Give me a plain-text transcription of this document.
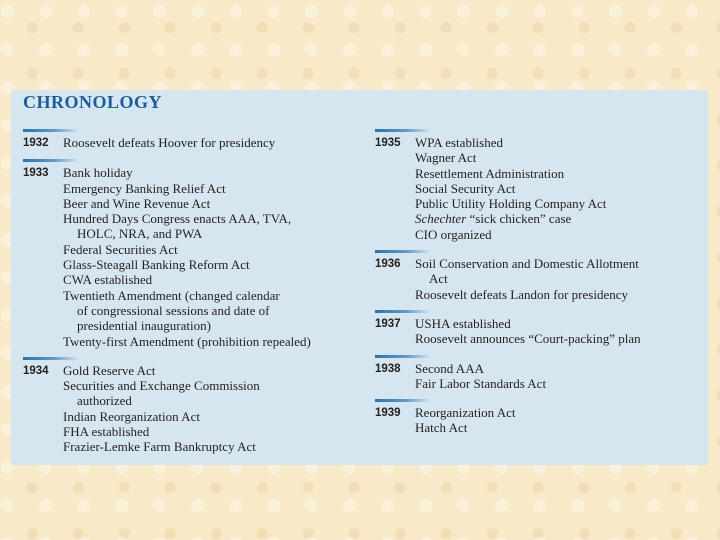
CHRONOLOGY
1932	Roosevelt defeats Hoover for presidency
1933	Bank holiday
Emergency Banking Relief Act
Beer and Wine Revenue Act
Hundred Days Congress enacts AAA, TVA,
HOLC, NRA, and PWA
Federal Securities Act
Glass-Steagall Banking Reform Act
CWA established
Twentieth Amendment (changed calendar
of congressional sessions and date of
presidential inauguration)
Twenty-first Amendment (prohibition repealed)
1934	Gold Reserve Act
Securities and Exchange Commission
authorized
Indian Reorganization Act
FHA established
Frazier-Lemke Farm Bankruptcy Act
1935	WPA established
Wagner Act
Resettlement Administration
Social Security Act
Public Utility Holding Company Act
Schechter “sick chicken” case
CIO organized
1936	Soil Conservation and Domestic Allotment
Act
Roosevelt defeats Landon for presidency
1937	USHA established
Roosevelt announces “Court-packing” plan
1938	Second AAA
Fair Labor Standards Act
1939	Reorganization Act
Hatch Act
